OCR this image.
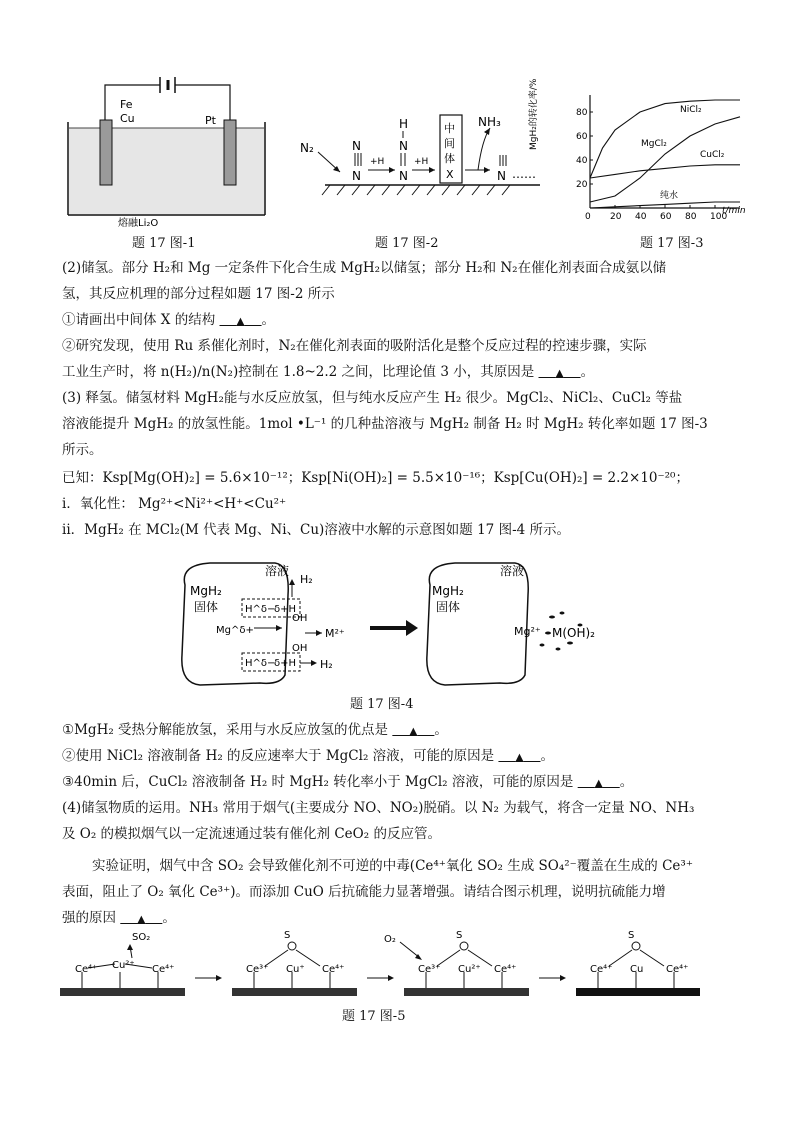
Fe
Cu	Pt
熔融Li₂O
N
N
H
N
N	N ……
N₂
+H	+H
中
间
体
X
NH₃
80
60
40
20
0 20 40 60 80 100
MgH₂的转化率/%
t/min
NiCl₂
MgCl₂
CuCl₂
纯水
题 17 图-1	题 17 图-2	题 17 图-3
(2)储氢。部分 H₂和 Mg 一定条件下化合生成 MgH₂以储氢；部分 H₂和 N₂在催化剂表面合成氨以储
氢，其反应机理的部分过程如题 17 图-2 所示
①请画出中间体 X 的结构 ▲ 。
②研究发现，使用 Ru 系催化剂时，N₂在催化剂表面的吸附活化是整个反应过程的控速步骤，实际
工业生产时，将 n(H₂)/n(N₂)控制在 1.8~2.2 之间，比理论值 3 小，其原因是 ▲ 。
(3) 释氢。储氢材料 MgH₂能与水反应放氢，但与纯水反应产生 H₂ 很少。MgCl₂、NiCl₂、CuCl₂ 等盐
溶液能提升 MgH₂ 的放氢性能。1mol •L⁻¹ 的几种盐溶液与 MgH₂ 制备 H₂ 时 MgH₂ 转化率如题 17 图-3
所示。
已知：Ksp[Mg(OH)₂] = 5.6×10⁻¹²；Ksp[Ni(OH)₂] = 5.5×10⁻¹⁶；Ksp[Cu(OH)₂] = 2.2×10⁻²⁰；
i．氧化性： Mg²⁺<Ni²⁺<H⁺<Cu²⁺
ii．MgH₂ 在 MCl₂(M 代表 Mg、Ni、Cu)溶液中水解的示意图如题 17 图-4 所示。
溶液
MgH₂
固体
H₂
H^δ−
δ+H
OH
Mg^δ+	M²⁺
OH
H^δ−
δ+H H₂
溶液
MgH₂
固体
Mg²⁺ M(OH)₂
题 17 图-4
①MgH₂ 受热分解能放氢，采用与水反应放氢的优点是 ▲ 。
②使用 NiCl₂ 溶液制备 H₂ 的反应速率大于 MgCl₂ 溶液，可能的原因是 ▲ 。
③40min 后，CuCl₂ 溶液制备 H₂ 时 MgH₂ 转化率小于 MgCl₂ 溶液，可能的原因是 ▲ 。
(4)储氢物质的运用。NH₃ 常用于烟气(主要成分 NO、NO₂)脱硝。以 N₂ 为载气，将含一定量 NO、NH₃
及 O₂ 的模拟烟气以一定流速通过装有催化剂 CeO₂ 的反应管。
实验证明，烟气中含 SO₂ 会导致催化剂不可逆的中毒(Ce⁴⁺氧化 SO₂ 生成 SO₄²⁻覆盖在生成的 Ce³⁺
表面，阻止了 O₂ 氧化 Ce³⁺)。而添加 CuO 后抗硫能力显著增强。请结合图示机理，说明抗硫能力增
强的原因 ▲ 。
Ce⁴⁺ Cu²⁺ Ce⁴⁺	Ce³⁺ Cu⁺ Ce⁴⁺
S
Ce³⁺ Cu²⁺ Ce⁴⁺
S
Ce⁴⁺ Cu Ce⁴⁺
S
SO₂	O₂
题 17 图-5
